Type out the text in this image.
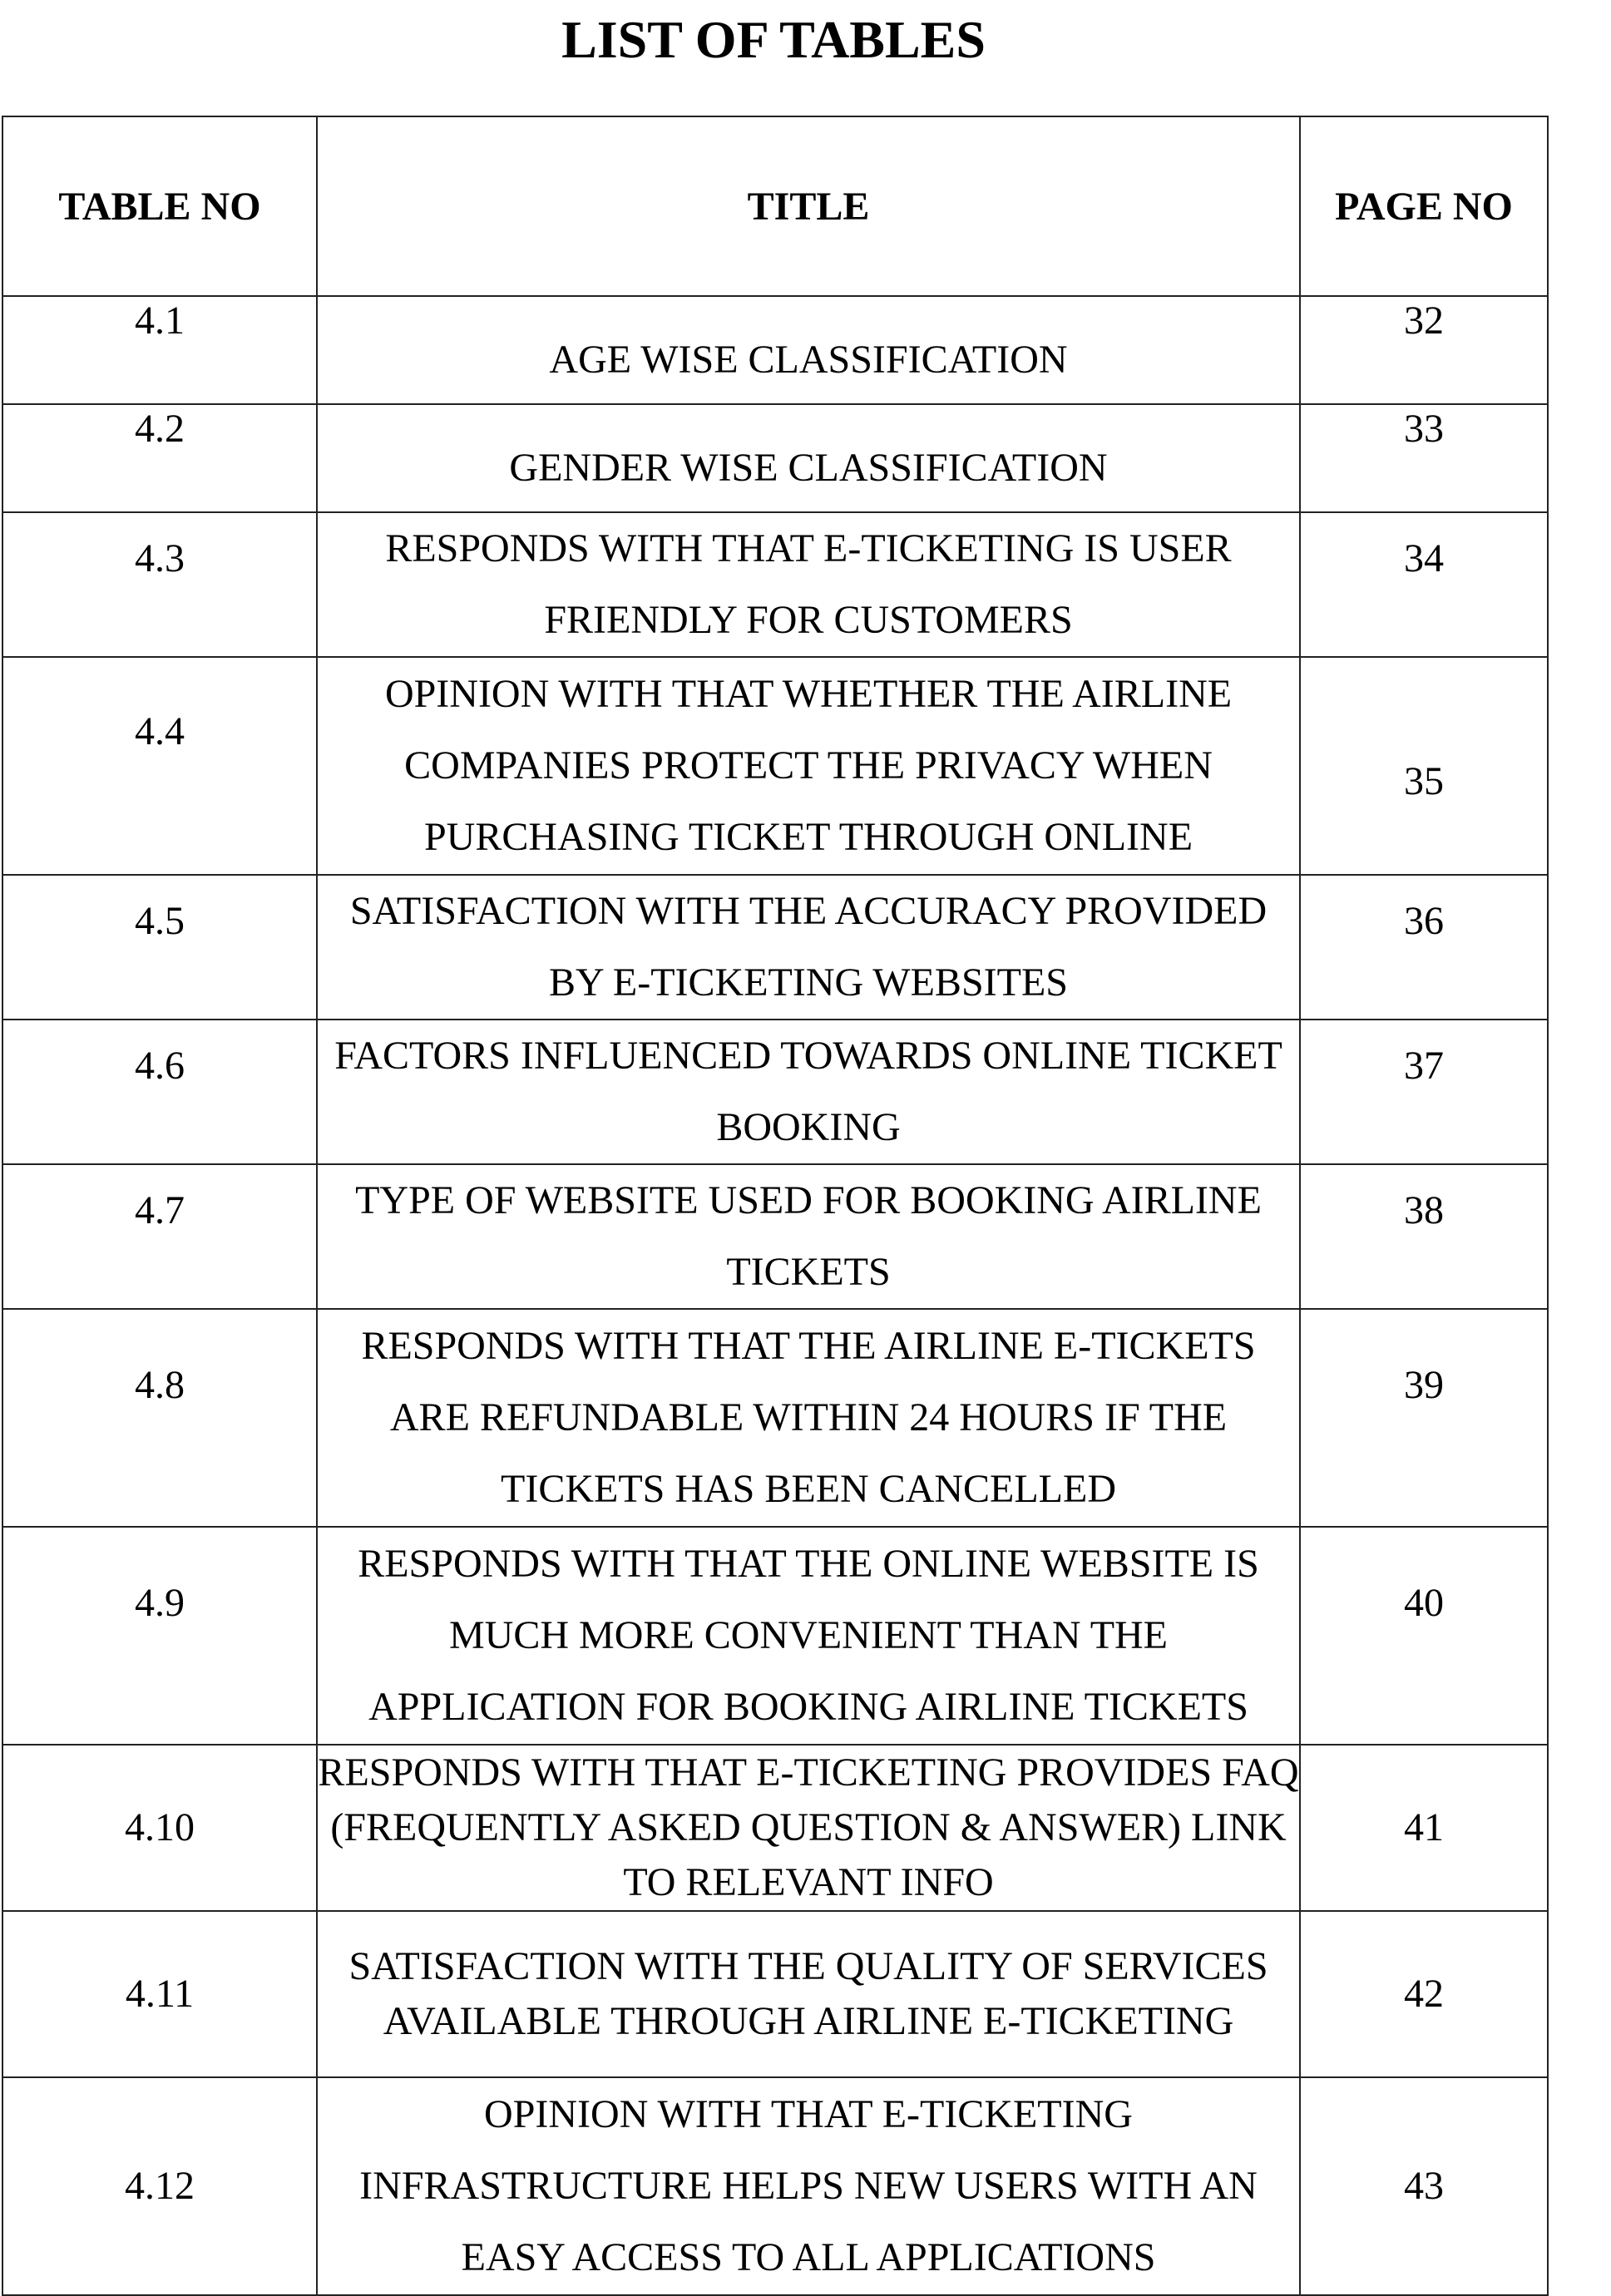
LIST OF TABLES
TABLE NO	TITLE	PAGE NO
4.1	AGE WISE CLASSIFICATION	32
4.2	GENDER WISE CLASSIFICATION	33
4.3	RESPONDS WITH THAT E-TICKETING IS USER FRIENDLY FOR CUSTOMERS	34
4.4	OPINION WITH THAT WHETHER THE AIRLINE COMPANIES PROTECT THE PRIVACY WHEN PURCHASING TICKET THROUGH ONLINE	35
4.5	SATISFACTION WITH THE ACCURACY PROVIDED BY E-TICKETING WEBSITES	36
4.6	FACTORS INFLUENCED TOWARDS ONLINE TICKET BOOKING	37
4.7	TYPE OF WEBSITE USED FOR BOOKING AIRLINE TICKETS	38
4.8	RESPONDS WITH THAT THE AIRLINE E-TICKETS ARE REFUNDABLE WITHIN 24 HOURS IF THE TICKETS HAS BEEN CANCELLED	39
4.9	RESPONDS WITH THAT THE ONLINE WEBSITE IS MUCH MORE CONVENIENT THAN THE APPLICATION FOR BOOKING AIRLINE TICKETS	40
4.10	RESPONDS WITH THAT E-TICKETING PROVIDES FAQ (FREQUENTLY ASKED QUESTION & ANSWER) LINK TO RELEVANT INFO	41
4.11	SATISFACTION WITH THE QUALITY OF SERVICES AVAILABLE THROUGH AIRLINE E-TICKETING	42
4.12	OPINION WITH THAT E-TICKETING INFRASTRUCTURE HELPS NEW USERS WITH AN EASY ACCESS TO ALL APPLICATIONS	43
